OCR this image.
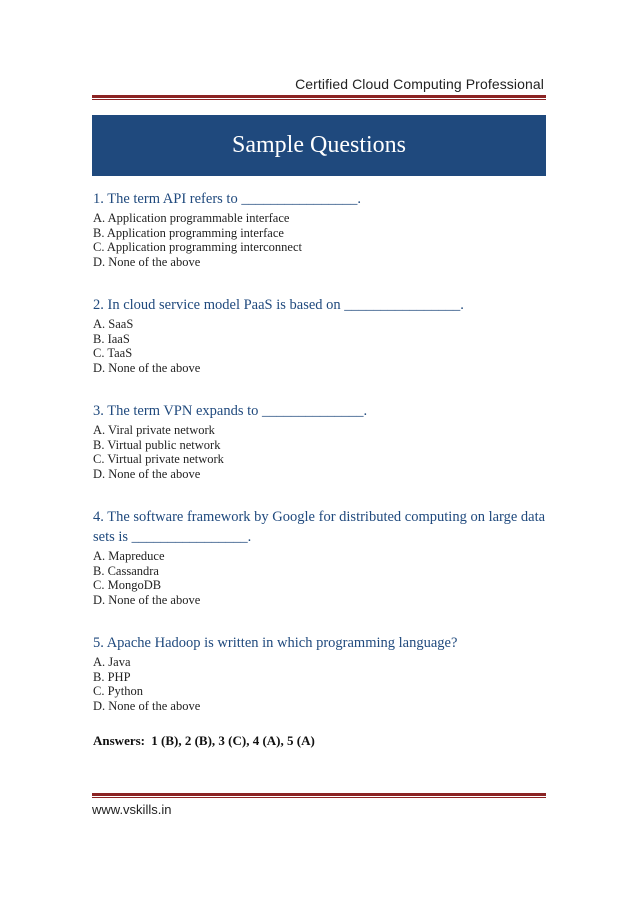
Certified Cloud Computing Professional
Sample Questions
1. The term API refers to ________________.
A. Application programmable interface
B. Application programming interface
C. Application programming interconnect
D. None of the above
2. In cloud service model PaaS is based on ________________.
A. SaaS
B. IaaS
C. TaaS
D. None of the above
3. The term VPN expands to ______________.
A. Viral private network
B. Virtual public network
C. Virtual private network
D. None of the above
4. The software framework by Google for distributed computing on large data sets is ________________.
A. Mapreduce
B. Cassandra
C. MongoDB
D. None of the above
5. Apache Hadoop is written in which programming language?
A. Java
B. PHP
C. Python
D. None of the above
Answers: 1 (B), 2 (B), 3 (C), 4 (A), 5 (A)
www.vskills.in
